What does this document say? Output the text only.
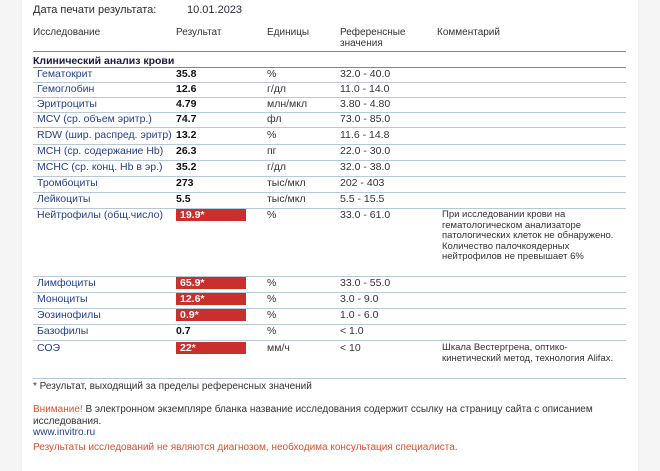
Дата печати результата:	10.01.2023
Исследование	Результат	Единицы	Референсные
значения
Комментарий
Клинический анализ крови
Гематокрит	35.8	%	32.0 - 40.0
Гемоглобин	12.6	г/дл	11.0 - 14.0
Эритроциты	4.79	млн/мкл	3.80 - 4.80
MCV (ср. объем эритр.) 74.7	фл	73.0 - 85.0
RDW (шир. распред. эритр) 13.2	%	11.6 - 14.8
MCH (ср. содержание Hb) 26.3	пг	22.0 - 30.0
MCHC (ср. конц. Hb в эр.) 35.2	г/дл	32.0 - 38.0
Тромбоциты	273	тыс/мкл	202 - 403
Лейкоциты	5.5	тыс/мкл	5.5 - 15.5
Нейтрофилы (общ.число)	19.9*	%	33.0 - 61.0	При исследовании крови на гематологическом анализаторе патологических клеток не обнаружено. Количество палочкоядерных нейтрофилов не превышает 6%
Лимфоциты	65.9*	%	33.0 - 55.0
Моноциты	12.6*	%	3.0 - 9.0
Эозинофилы	0.9*	%	1.0 - 6.0
Базофилы	0.7	%	< 1.0
СОЭ	22*	мм/ч	< 10	Шкала Вестергрена, оптико-кинетический метод, технология Alifax.
* Результат, выходящий за пределы референсных значений
Внимание! В электронном экземпляре бланка название исследования содержит ссылку на страницу сайта с описанием исследования.
www.invitro.ru
Результаты исследований не являются диагнозом, необходима консультация специалиста.
